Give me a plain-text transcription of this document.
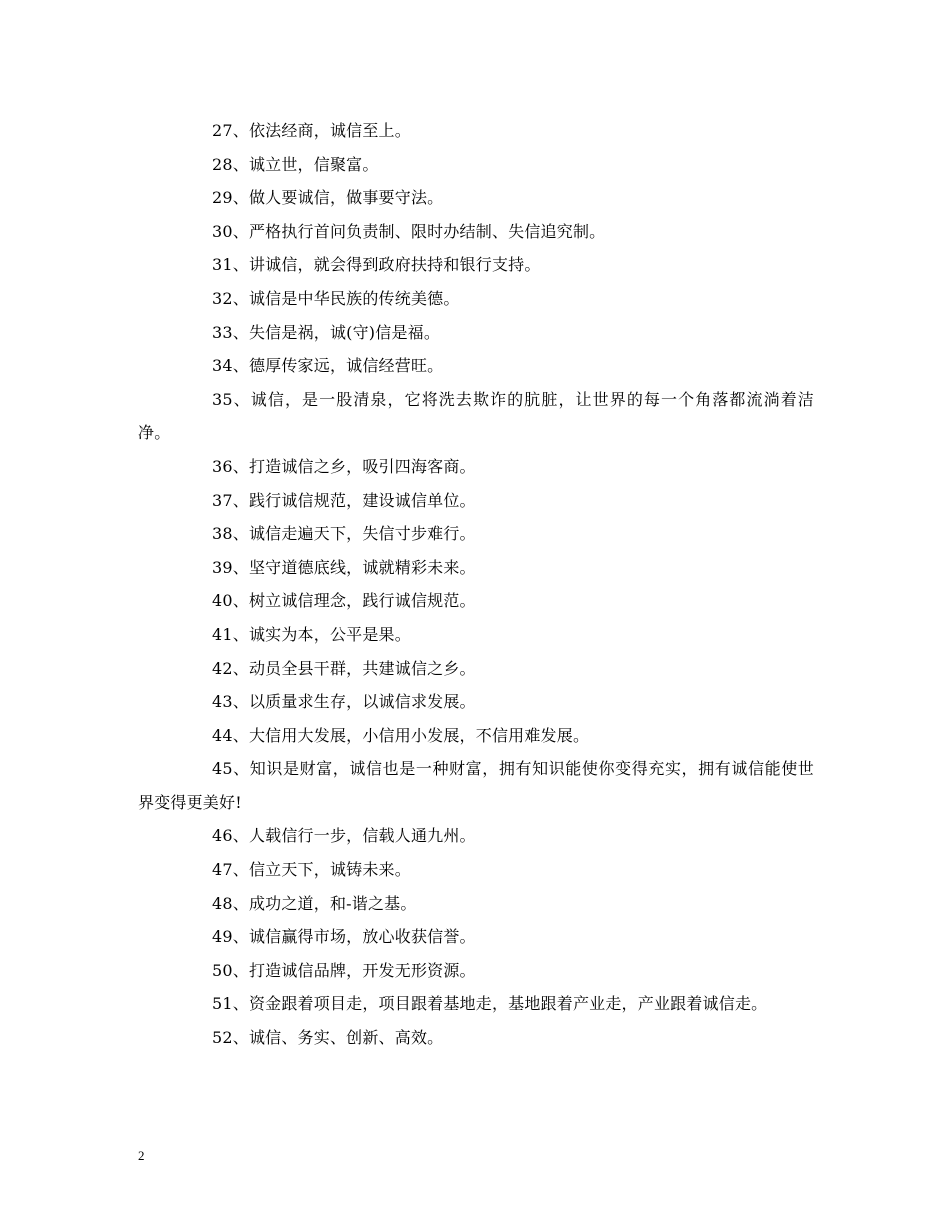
27、依法经商，诚信至上。

28、诚立世，信聚富。

29、做人要诚信，做事要守法。

30、严格执行首问负责制、限时办结制、失信追究制。

31、讲诚信，就会得到政府扶持和银行支持。

32、诚信是中华民族的传统美德。

33、失信是祸，诚(守)信是福。

34、德厚传家远，诚信经营旺。

35、诚信，是一股清泉，它将洗去欺诈的肮脏，让世界的每一个角落都流淌着洁净。

36、打造诚信之乡，吸引四海客商。

37、践行诚信规范，建设诚信单位。

38、诚信走遍天下，失信寸步难行。

39、坚守道德底线，诚就精彩未来。

40、树立诚信理念，践行诚信规范。

41、诚实为本，公平是果。

42、动员全县干群，共建诚信之乡。

43、以质量求生存，以诚信求发展。

44、大信用大发展，小信用小发展，不信用难发展。

45、知识是财富，诚信也是一种财富，拥有知识能使你变得充实，拥有诚信能使世界变得更美好!

46、人载信行一步，信载人通九州。

47、信立天下，诚铸未来。

48、成功之道，和-谐之基。

49、诚信赢得市场，放心收获信誉。

50、打造诚信品牌，开发无形资源。

51、资金跟着项目走，项目跟着基地走，基地跟着产业走，产业跟着诚信走。

52、诚信、务实、创新、高效。

2
